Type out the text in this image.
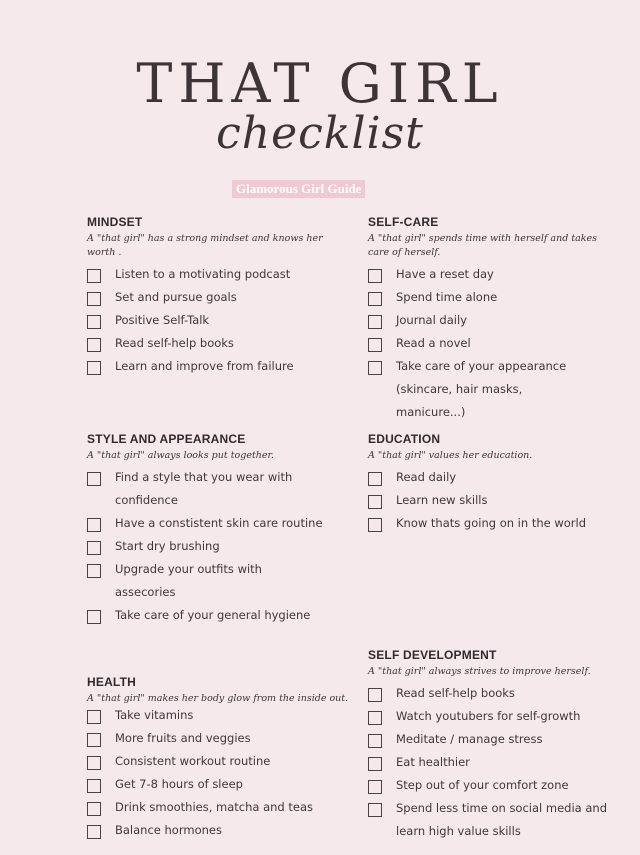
THAT GIRL
checklist
Glamorous Girl Guide
MINDSET
A "that girl" has a strong mindset and knows her worth .
Listen to a motivating podcast
Set and pursue goals
Positive Self-Talk
Read self-help books
Learn and improve from failure
SELF-CARE
A "that girl" spends time with herself and takes care of herself.
Have a reset day
Spend time alone
Journal daily
Read a novel
Take care of your appearance (skincare, hair masks, manicure...)
STYLE AND APPEARANCE
A "that girl" always looks put together.
Find a style that you wear with confidence
Have a constistent skin care routine
Start dry brushing
Upgrade your outfits with assecories
Take care of your general hygiene
EDUCATION
A "that girl" values her education.
Read daily
Learn new skills
Know thats going on in the world
HEALTH
A "that girl" makes her body glow from the inside out.
Take vitamins
More fruits and veggies
Consistent workout routine
Get 7-8 hours of sleep
Drink smoothies, matcha and teas
Balance hormones
SELF DEVELOPMENT
A "that girl" always strives to improve herself.
Read self-help books
Watch youtubers for self-growth
Meditate / manage stress
Eat healthier
Step out of your comfort zone
Spend less time on social media and learn high value skills
